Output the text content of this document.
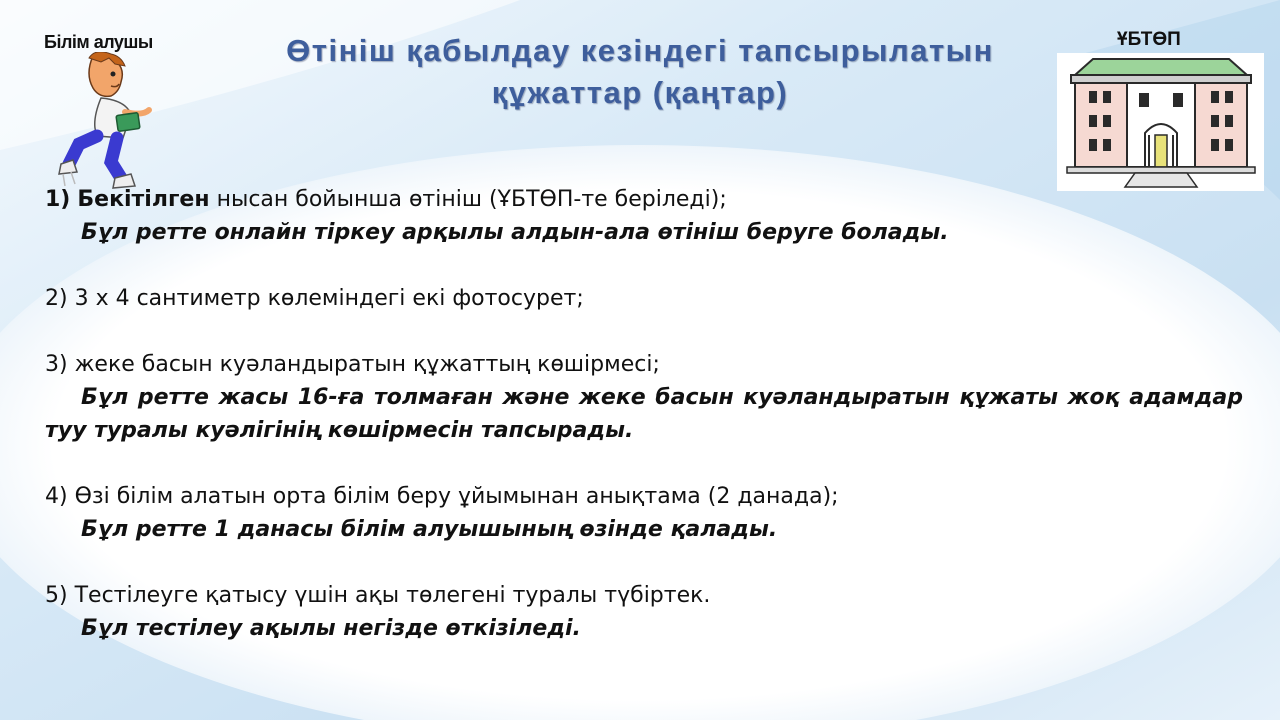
Білім алушы	ҰБТӨП
Өтініш қабылдау кезіндегі тапсырылатын
құжаттар (қаңтар)
1) Бекітілген нысан бойынша өтініш (ҰБТӨП-те беріледі);
Бұл ретте онлайн тіркеу арқылы алдын-ала өтініш беруге болады.
2) 3 х 4 сантиметр көлеміндегі екі фотосурет;
3) жеке басын куәландыратын құжаттың көшірмесі;
Бұл ретте жасы 16-ға толмаған және жеке басын куәландыратын құжаты жоқ адамдар туу туралы куәлігінің көшірмесін тапсырады.
4) Өзі білім алатын орта білім беру ұйымынан анықтама (2 данада);
Бұл ретте 1 данасы білім алуышының өзінде қалады.
5) Тестілеуге қатысу үшін ақы төлегені туралы түбіртек.
Бұл тестілеу ақылы негізде өткізіледі.
